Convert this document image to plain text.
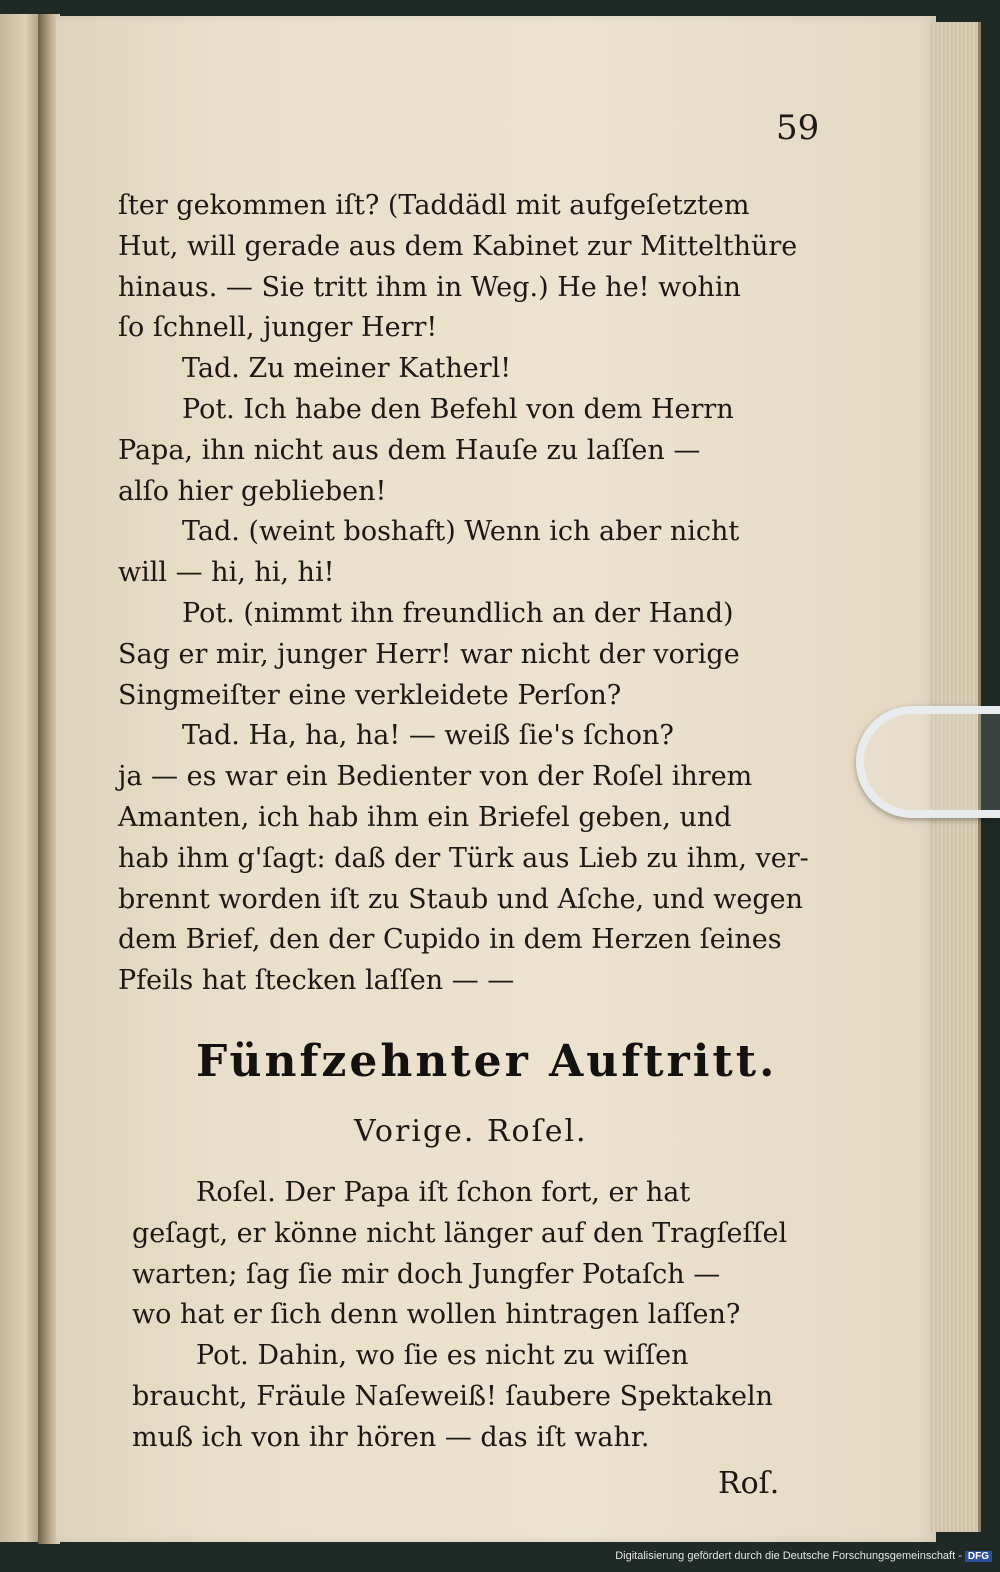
59
ſter gekommen iſt? (Taddädl mit aufgeſetztem
Hut, will gerade aus dem Kabinet zur Mittelthüre
hinaus. — Sie tritt ihm in Weg.) He he! wohin
ſo ſchnell, junger Herr!
Tad. Zu meiner Katherl!
Pot. Ich habe den Befehl von dem Herrn
Papa, ihn nicht aus dem Hauſe zu laſſen —
alſo hier geblieben!
Tad. (weint boshaft) Wenn ich aber nicht
will — hi, hi, hi!
Pot. (nimmt ihn freundlich an der Hand)
Sag er mir, junger Herr! war nicht der vorige
Singmeiſter eine verkleidete Perſon?
Tad. Ha, ha, ha! — weiß ſie's ſchon?
ja — es war ein Bedienter von der Roſel ihrem
Amanten, ich hab ihm ein Briefel geben, und
hab ihm g'ſagt: daß der Türk aus Lieb zu ihm, ver-
brennt worden iſt zu Staub und Aſche, und wegen
dem Brief, den der Cupido in dem Herzen ſeines
Pfeils hat ſtecken laſſen — —
Fünfzehnter Auftritt.
Vorige. Roſel.
Roſel. Der Papa iſt ſchon fort, er hat
geſagt, er könne nicht länger auf den Tragſeſſel
warten; ſag ſie mir doch Jungfer Potaſch —
wo hat er ſich denn wollen hintragen laſſen?
Pot. Dahin, wo ſie es nicht zu wiſſen
braucht, Fräule Naſeweiß! ſaubere Spektakeln
muß ich von ihr hören — das iſt wahr.
Roſ.
Digitalisierung gefördert durch die Deutsche Forschungsgemeinschaft - DFG
